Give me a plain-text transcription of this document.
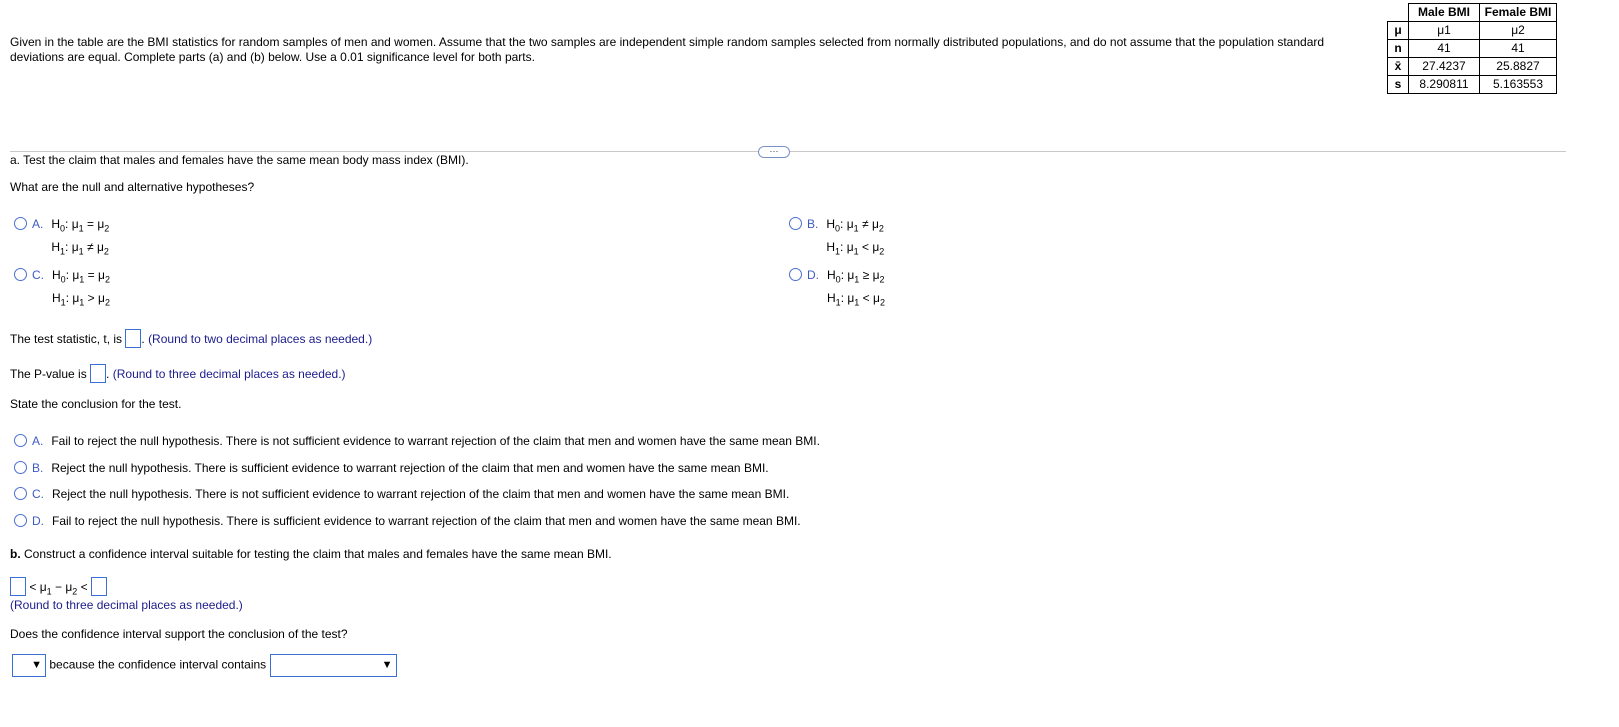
Given in the table are the BMI statistics for random samples of men and women. Assume that the two samples are independent simple random samples selected from normally distributed populations, and do not assume that the population standard deviations are equal. Complete parts (a) and (b) below. Use a 0.01 significance level for both parts.
	Male BMI	Female BMI
μ	μ1	μ2
n	41	41
x̄	27.4237	25.8827
s	8.290811	5.163553
···
a. Test the claim that males and females have the same mean body mass index (BMI).
What are the null and alternative hypotheses?
A. $H_0$: $\mu_1 = \mu_2$
$H_1$: $\mu_1 \ne \mu_2$
B. $H_0$: $\mu_1 \ne \mu_2$
$H_1$: $\mu_1 < \mu_2$
C. $H_0$: $\mu_1 = \mu_2$
$H_1$: $\mu_1 > \mu_2$
D. $H_0$: $\mu_1 \ge \mu_2$
$H_1$: $\mu_1 < \mu_2$
The test statistic, t, is . (Round to two decimal places as needed.)
The P-value is . (Round to three decimal places as needed.)
State the conclusion for the test.
A. Fail to reject the null hypothesis. There is not sufficient evidence to warrant rejection of the claim that men and women have the same mean BMI.
B. Reject the null hypothesis. There is sufficient evidence to warrant rejection of the claim that men and women have the same mean BMI.
C. Reject the null hypothesis. There is not sufficient evidence to warrant rejection of the claim that men and women have the same mean BMI.
D. Fail to reject the null hypothesis. There is sufficient evidence to warrant rejection of the claim that men and women have the same mean BMI.
b. Construct a confidence interval suitable for testing the claim that males and females have the same mean BMI.
< $\mu_1 - \mu_2$ <
(Round to three decimal places as needed.)
Does the confidence interval support the conclusion of the test?
▼ because the confidence interval contains	▼
